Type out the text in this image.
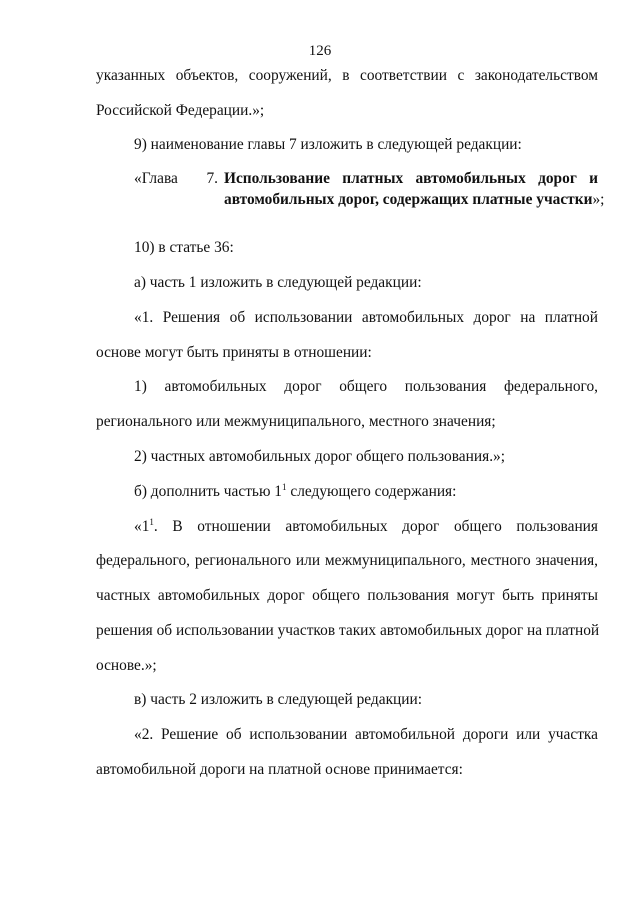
126
указанных объектов, сооружений, в соответствии с законодательством
Российской Федерации.»;
9) наименование главы 7 изложить в следующей редакции:
«Глава 7. Использование платных автомобильных дорог и
автомобильных дорог, содержащих платные участки»;
10) в статье 36:
а) часть 1 изложить в следующей редакции:
«1. Решения об использовании автомобильных дорог на платной
основе могут быть приняты в отношении:
1) автомобильных дорог общего пользования федерального,
регионального или межмуниципального, местного значения;
2) частных автомобильных дорог общего пользования.»;
б) дополнить частью $1^1$ следующего содержания:
«$1^1$ . В отношении автомобильных дорог общего пользования
федерального, регионального или межмуниципального, местного значения,
частных автомобильных дорог общего пользования могут быть приняты
решения об использовании участков таких автомобильных дорог на платной
основе.»;
в) часть 2 изложить в следующей редакции:
«2. Решение об использовании автомобильной дороги или участка
автомобильной дороги на платной основе принимается:
